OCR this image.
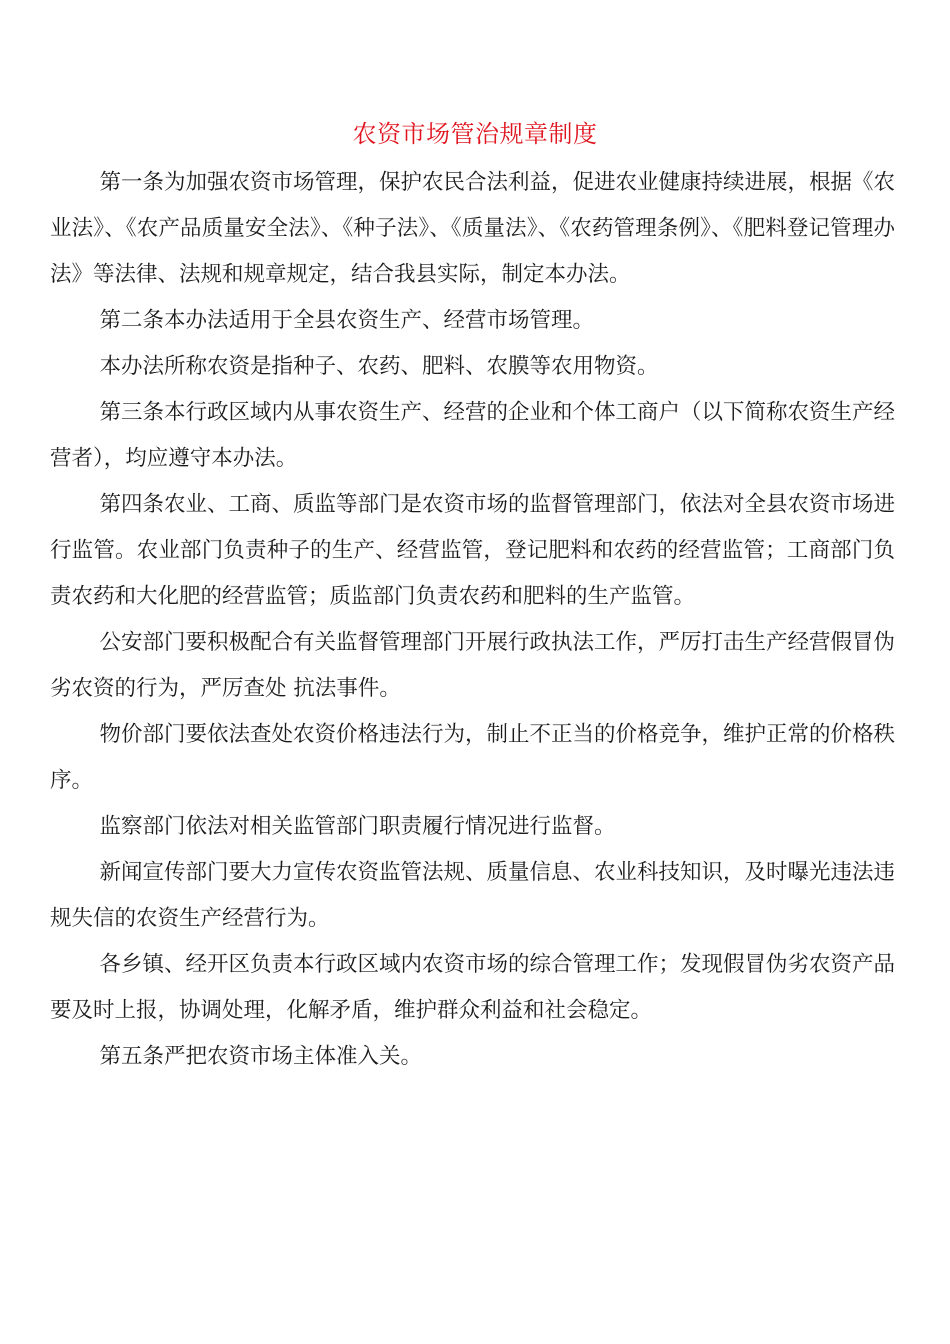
农资市场管治规章制度

第一条为加强农资市场管理，保护农民合法利益，促进农业健康持续进展，根据《农业法》、《农产品质量安全法》、《种子法》、《质量法》、《农药管理条例》、《肥料登记管理办法》等法律、法规和规章规定，结合我县实际，制定本办法。

第二条本办法适用于全县农资生产、经营市场管理。

本办法所称农资是指种子、农药、肥料、农膜等农用物资。

第三条本行政区域内从事农资生产、经营的企业和个体工商户（以下简称农资生产经营者），均应遵守本办法。

第四条农业、工商、质监等部门是农资市场的监督管理部门，依法对全县农资市场进行监管。农业部门负责种子的生产、经营监管，登记肥料和农药的经营监管；工商部门负责农药和大化肥的经营监管；质监部门负责农药和肥料的生产监管。

公安部门要积极配合有关监督管理部门开展行政执法工作，严厉打击生产经营假冒伪劣农资的行为，严厉查处 抗法事件。

物价部门要依法查处农资价格违法行为，制止不正当的价格竞争，维护正常的价格秩序。

监察部门依法对相关监管部门职责履行情况进行监督。

新闻宣传部门要大力宣传农资监管法规、质量信息、农业科技知识，及时曝光违法违规失信的农资生产经营行为。

各乡镇、经开区负责本行政区域内农资市场的综合管理工作；发现假冒伪劣农资产品要及时上报，协调处理，化解矛盾，维护群众利益和社会稳定。

第五条严把农资市场主体准入关。
